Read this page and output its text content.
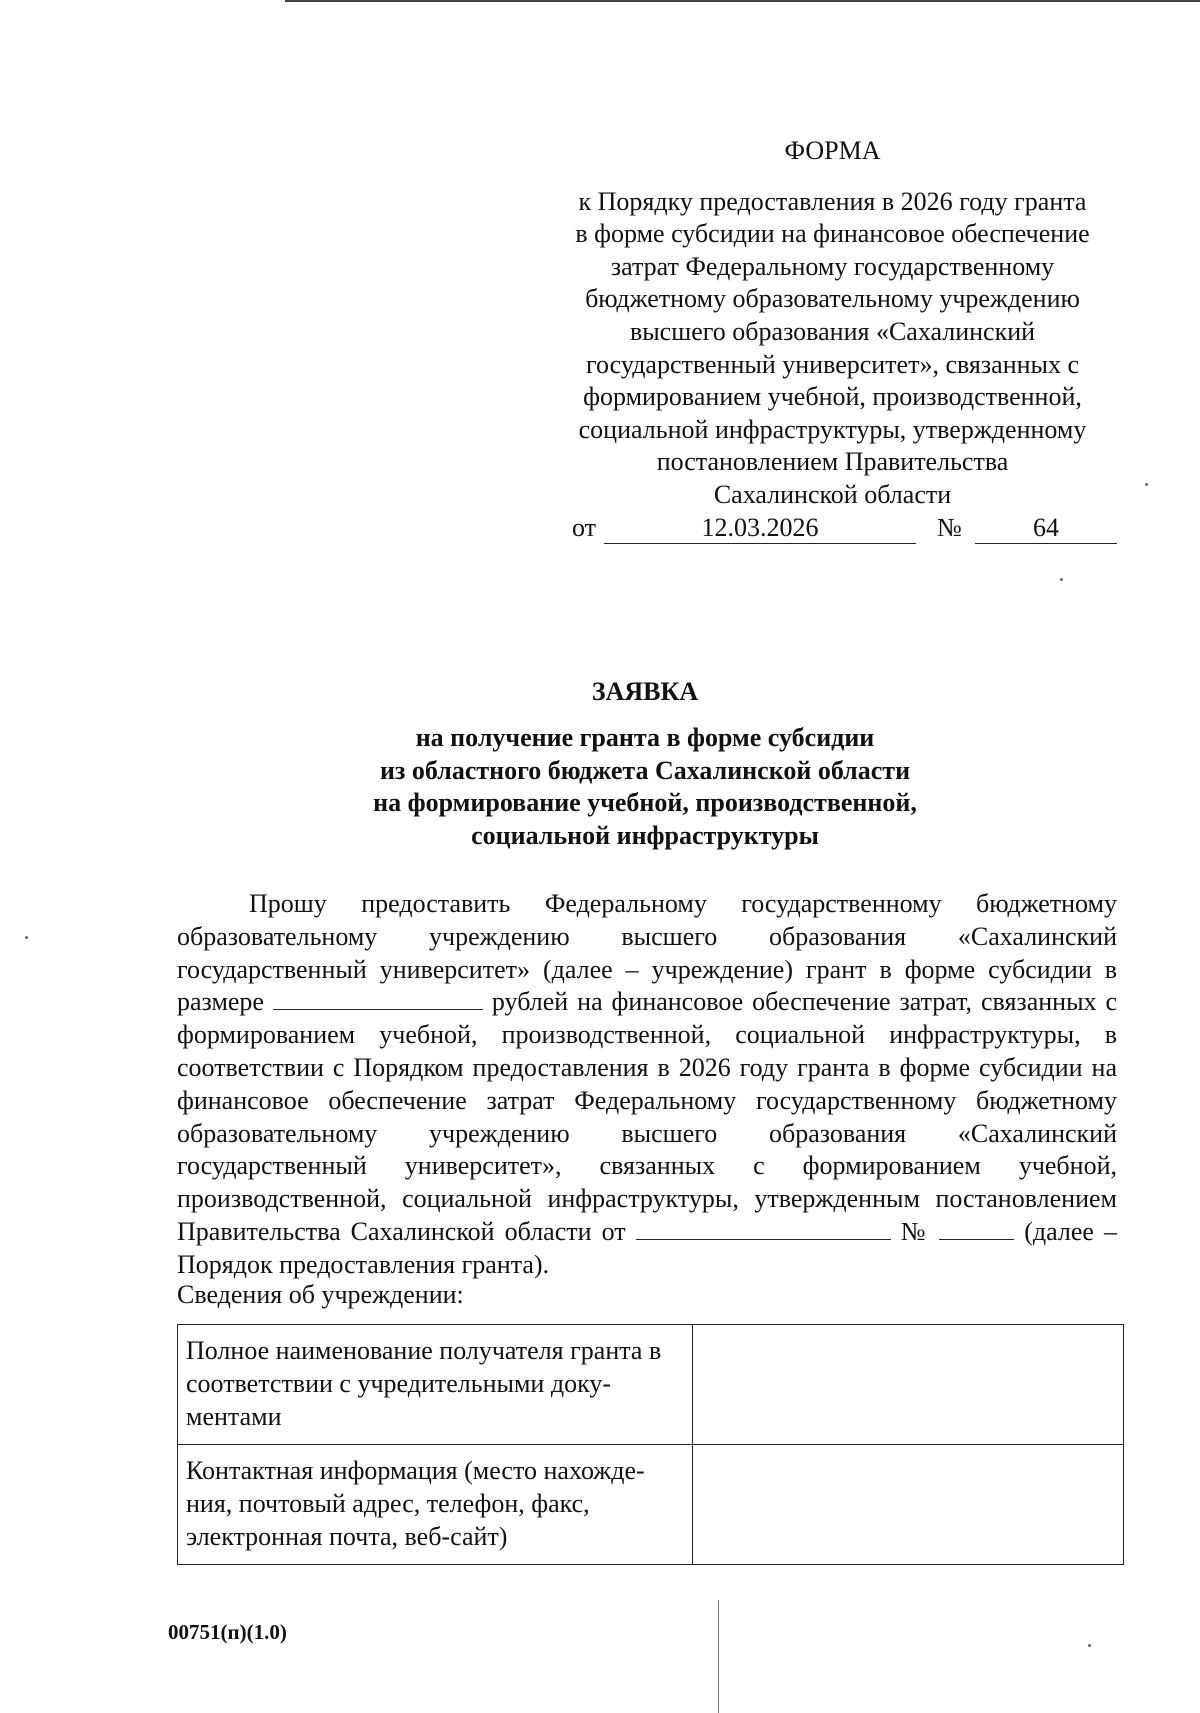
ФОРМА
к Порядку предоставления в 2026 году гранта
в форме субсидии на финансовое обеспечение
затрат Федеральному государственному
бюджетному образовательному учреждению
высшего образования «Сахалинский
государственный университет», связанных с
формированием учебной, производственной,
социальной инфраструктуры, утвержденному
постановлением Правительства
Сахалинской области
от	12.03.2026	№	64
ЗАЯВКА
на получение гранта в форме субсидии
из областного бюджета Сахалинской области
на формирование учебной, производственной,
социальной инфраструктуры

Прошу предоставить Федеральному государственному бюджетному образовательному учреждению высшего образования «Сахалинский государственный университет» (далее – учреждение) грант в форме субсидии в размере	рублей на финансовое обеспечение затрат, связанных с формированием учебной, производственной, социальной инфраструктуры, в соответствии с Порядком предоставления в 2026 году гранта в форме субсидии на финансовое обеспечение затрат Федеральному государственному бюджетному образовательному учреждению высшего образования «Сахалинский государственный университет», связанных с формированием учебной, производственной, социальной инфраструктуры, утвержденным постановлением Правительства Сахалинской области от	№	(далее – Порядок предоставления гранта).

Сведения об учреждении:

Полное наименование получателя гранта в соответствии с учредительными доку-ментами	
Контактная информация (место нахожде-ния, почтовый адрес, телефон, факс, электронная почта, веб-сайт)	

00751(п)(1.0)
